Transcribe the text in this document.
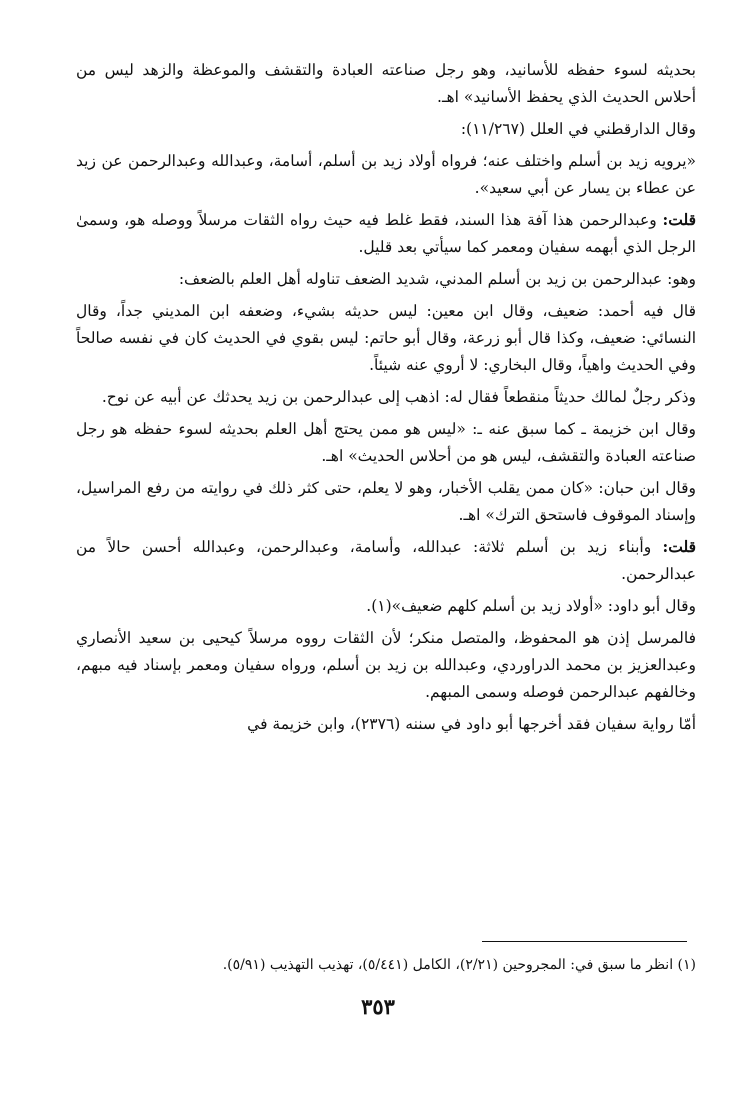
بحديثه لسوء حفظه للأسانيد، وهو رجل صناعته العبادة والتقشف والموعظة والزهد ليس من أحلاس الحديث الذي يحفظ الأسانيد» اهـ.

وقال الدارقطني في العلل (١١/٢٦٧):

«يرويه زيد بن أسلم واختلف عنه؛ فرواه أولاد زيد بن أسلم، أسامة، وعبدالله وعبدالرحمن عن زيد عن عطاء بن يسار عن أبي سعيد».

قلت: وعبدالرحمن هذا آفة هذا السند، فقط غلط فيه حيث رواه الثقات مرسلاً ووصله هو، وسمىٰ الرجل الذي أبهمه سفيان ومعمر كما سيأتي بعد قليل.

وهو: عبدالرحمن بن زيد بن أسلم المدني، شديد الضعف تناوله أهل العلم بالضعف:

قال فيه أحمد: ضعيف، وقال ابن معين: ليس حديثه بشيء، وضعفه ابن المديني جداً، وقال النسائي: ضعيف، وكذا قال أبو زرعة، وقال أبو حاتم: ليس بقوي في الحديث كان في نفسه صالحاً وفي الحديث واهياً، وقال البخاري: لا أروي عنه شيئاً.

وذكر رجلٌ لمالك حديثاً منقطعاً فقال له: اذهب إلى عبدالرحمن بن زيد يحدثك عن أبيه عن نوح.

وقال ابن خزيمة ـ كما سبق عنه ـ: «ليس هو ممن يحتج أهل العلم بحديثه لسوء حفظه هو رجل صناعته العبادة والتقشف، ليس هو من أحلاس الحديث» اهـ.

وقال ابن حبان: «كان ممن يقلب الأخبار، وهو لا يعلم، حتى كثر ذلك في روايته من رفع المراسيل، وإسناد الموقوف فاستحق الترك» اهـ.

قلت: وأبناء زيد بن أسلم ثلاثة: عبدالله، وأسامة، وعبدالرحمن، وعبدالله أحسن حالاً من عبدالرحمن.

وقال أبو داود: «أولاد زيد بن أسلم كلهم ضعيف»(١).

فالمرسل إذن هو المحفوظ، والمتصل منكر؛ لأن الثقات رووه مرسلاً كيحيى بن سعيد الأنصاري وعبدالعزيز بن محمد الدراوردي، وعبدالله بن زيد بن أسلم، ورواه سفيان ومعمر بإسناد فيه مبهم، وخالفهم عبدالرحمن فوصله وسمى المبهم.

أمّا رواية سفيان فقد أخرجها أبو داود في سننه (٢٣٧٦)، وابن خزيمة في

(١) انظر ما سبق في: المجروحين (٢/٢١)، الكامل (٥/٤٤١)، تهذيب التهذيب (٥/٩١).
٣٥٣
